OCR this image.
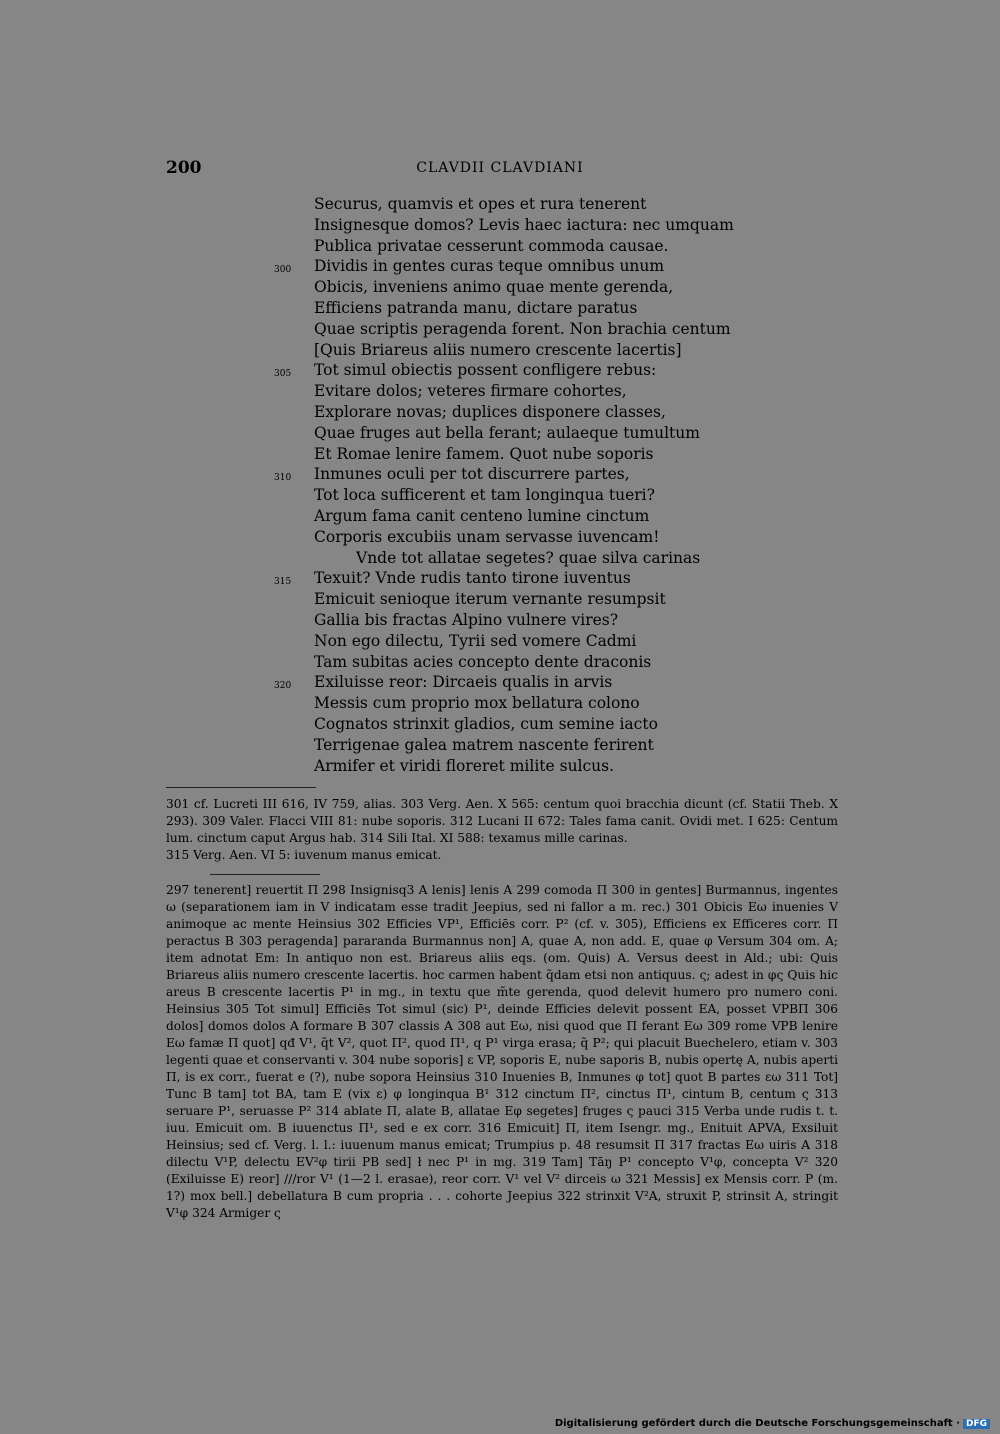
200	CLAVDII CLAVDIANI
Securus, quamvis et opes et rura tenerent
Insignesque domos? Levis haec iactura: nec umquam
Publica privatae cesserunt commoda causae.
300	Dividis in gentes curas teque omnibus unum
Obicis, inveniens animo quae mente gerenda,
Efficiens patranda manu, dictare paratus
Quae scriptis peragenda forent. Non brachia centum
[Quis Briareus aliis numero crescente lacertis]
305	Tot simul obiectis possent confligere rebus:
Evitare dolos; veteres firmare cohortes,
Explorare novas; duplices disponere classes,
Quae fruges aut bella ferant; aulaeque tumultum
Et Romae lenire famem. Quot nube soporis
310	Inmunes oculi per tot discurrere partes,
Tot loca sufficerent et tam longinqua tueri?
Argum fama canit centeno lumine cinctum
Corporis excubiis unam servasse iuvencam!
Vnde tot allatae segetes? quae silva carinas
315	Texuit? Vnde rudis tanto tirone iuventus
Emicuit senioque iterum vernante resumpsit
Gallia bis fractas Alpino vulnere vires?
Non ego dilectu, Tyrii sed vomere Cadmi
Tam subitas acies concepto dente draconis
320	Exiluisse reor: Dircaeis qualis in arvis
Messis cum proprio mox bellatura colono
Cognatos strinxit gladios, cum semine iacto
Terrigenae galea matrem nascente ferirent
Armifer et viridi floreret milite sulcus.
301 cf. Lucreti III 616, IV 759, alias. 303 Verg. Aen. X 565: centum quoi bracchia dicunt (cf. Statii Theb. X 293). 309 Valer. Flacci VIII 81: nube soporis. 312 Lucani II 672: Tales fama canit. Ovidi met. I 625: Centum lum. cinctum caput Argus hab. 314 Sili Ital. XI 588: texamus mille carinas.
315 Verg. Aen. VI 5: iuvenum manus emicat.
297 tenerent] reuertit Π 298 Insignisq3 A lenis] lenis A 299 comoda Π 300 in gentes] Burmannus, ingentes ω (separationem iam in V indicatam esse tradit Jeepius, sed ni fallor a m. rec.) 301 Obicis Eω inuenies V animoque ac mente Heinsius 302 Efficies VP¹, Efficiēs corr. P² (cf. v. 305), Efficiens ex Efficeres corr. Π peractus B 303 peragenda] pararanda Burmannus non] A, quae A, non add. E, quae φ Versum 304 om. A; item adnotat Em: In antiquo non est. Briareus aliis eqs. (om. Quis) A. Versus deest in Ald.; ubi: Quis Briareus aliis numero crescente lacertis. hoc carmen habent q̃dam etsi non antiquus. ς; adest in φς Quis hic areus B crescente lacertis P¹ in mg., in textu que m̃te gerenda, quod delevit humero pro numero coni. Heinsius 305 Tot simul] Efficiēs Tot simul (sic) P¹, deinde Efficies delevit possent EA, posset VPBΠ 306 dolos] domos dolos A formare B 307 classis A 308 aut Eω, nisi quod que Π ferant Eω 309 rome VPB lenire Eω famæ Π quot] qđ V¹, q̃t V², quot Π², quod Π¹, q P¹ virga erasa; q̃ P²; qui placuit Buechelero, etiam v. 303 legenti quae et conservanti v. 304 nube soporis] ε VP, soporis E, nube saporis B, nubis opertę A, nubis aperti Π, is ex corr., fuerat e (?), nube sopora Heinsius 310 Inuenies B, Inmunes φ tot] quot B partes εω 311 Tot] Tunc B tam] tot BA, tam E (vix ε) φ longinqua B¹ 312 cinctum Π², cinctus Π¹, cintum B, centum ς 313 seruare P¹, seruasse P² 314 ablate Π, alate B, allatae Eφ segetes] fruges ς pauci 315 Verba unde rudis t. t. iuu. Emicuit om. B iuuenctus Π¹, sed e ex corr. 316 Emicuit] Π, item Isengr. mg., Enituit APVA, Exsiluit Heinsius; sed cf. Verg. l. l.: iuuenum manus emicat; Trumpius p. 48 resumsit Π 317 fractas Eω uiris A 318 dilectu V¹P, delectu EV²φ tirii PB sed] ł nec P¹ in mg. 319 Tam] Tāŋ P¹ concepto V¹φ, concepta V² 320 (Exiluisse E) reor] ///ror V¹ (1—2 l. erasae), reor corr. V¹ vel V² dirceis ω 321 Messis] ex Mensis corr. P (m. 1?) mox bell.] debellatura B cum propria . . . cohorte Jeepius 322 strinxit V²A, struxit P, strinsit A, stringit V¹φ 324 Armiger ς
Digitalisierung gefördert durch die Deutsche Forschungsgemeinschaft · DFG
